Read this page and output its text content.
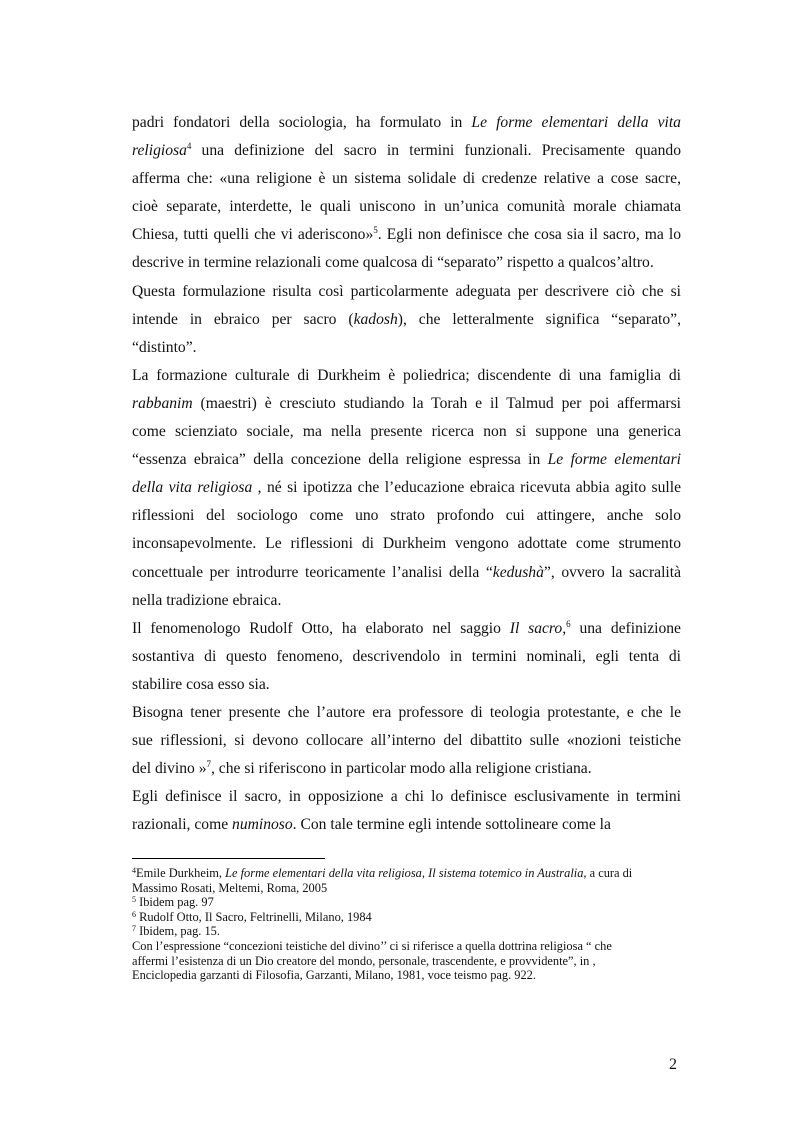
padri fondatori della sociologia, ha formulato in Le forme elementari della vita
religiosa$^4$ una definizione del sacro in termini funzionali. Precisamente quando
afferma che: «una religione è un sistema solidale di credenze relative a cose sacre,
cioè separate, interdette, le quali uniscono in un’unica comunità morale chiamata
Chiesa, tutti quelli che vi aderiscono»$^5$. Egli non definisce che cosa sia il sacro, ma lo
descrive in termine relazionali come qualcosa di “separato” rispetto a qualcos’altro.

Questa formulazione risulta così particolarmente adeguata per descrivere ciò che si
intende in ebraico per sacro (kadosh), che letteralmente significa “separato”,
“distinto”.

La formazione culturale di Durkheim è poliedrica; discendente di una famiglia di
rabbanim (maestri) è cresciuto studiando la Torah e il Talmud per poi affermarsi
come scienziato sociale, ma nella presente ricerca non si suppone una generica
“essenza ebraica” della concezione della religione espressa in Le forme elementari
della vita religiosa , né si ipotizza che l’educazione ebraica ricevuta abbia agito sulle
riflessioni del sociologo come uno strato profondo cui attingere, anche solo
inconsapevolmente. Le riflessioni di Durkheim vengono adottate come strumento
concettuale per introdurre teoricamente l’analisi della “kedushà”, ovvero la sacralità
nella tradizione ebraica.

Il fenomenologo Rudolf Otto, ha elaborato nel saggio Il sacro,$^6$ una definizione
sostantiva di questo fenomeno, descrivendolo in termini nominali, egli tenta di
stabilire cosa esso sia.

Bisogna tener presente che l’autore era professore di teologia protestante, e che le
sue riflessioni, si devono collocare all’interno del dibattito sulle «nozioni teistiche
del divino »$^7$, che si riferiscono in particolar modo alla religione cristiana.

Egli definisce il sacro, in opposizione a chi lo definisce esclusivamente in termini
razionali, come numinoso. Con tale termine egli intende sottolineare come la

$^4$Emile Durkheim, Le forme elementari della vita religiosa, Il sistema totemico in Australia, a cura di
Massimo Rosati, Meltemi, Roma, 2005
$^5$ Ibidem pag. 97
$^6$ Rudolf Otto, Il Sacro, Feltrinelli, Milano, 1984
$^7$ Ibidem, pag. 15.
Con l’espressione “concezioni teistiche del divino’’ ci si riferisce a quella dottrina religiosa “ che
affermi l’esistenza di un Dio creatore del mondo, personale, trascendente, e provvidente”, in ,
Enciclopedia garzanti di Filosofia, Garzanti, Milano, 1981, voce teismo pag. 922.
2
